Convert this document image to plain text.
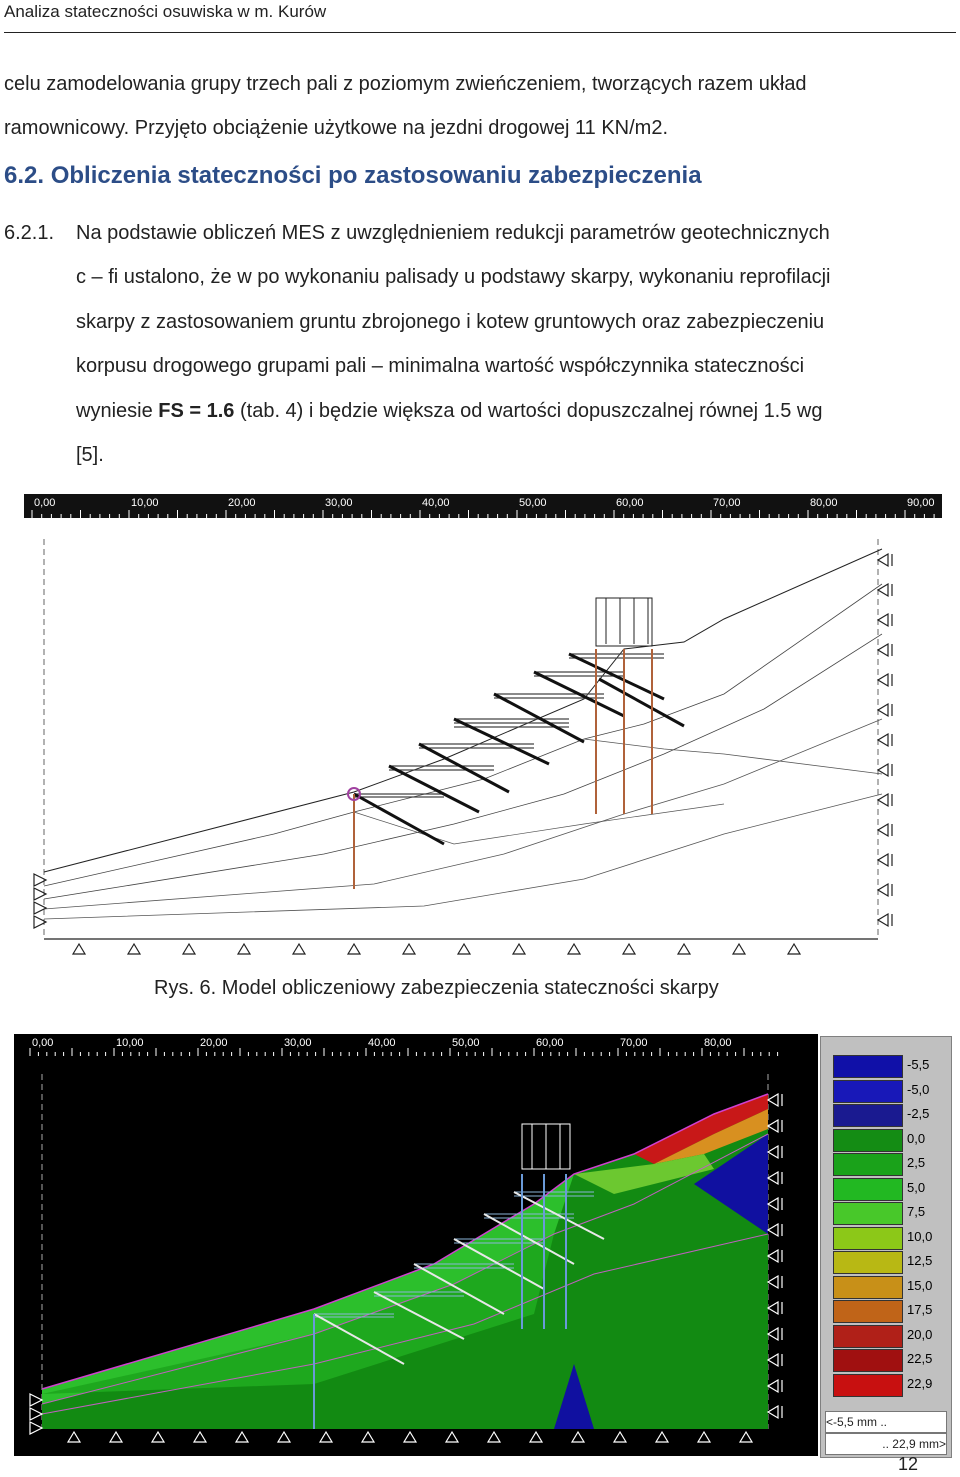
Analiza stateczności osuwiska w m. Kurów
celu zamodelowania grupy trzech pali z poziomym zwieńczeniem, tworzących razem układ
ramownicowy. Przyjęto obciążenie użytkowe na jezdni drogowej 11 KN/m2.
6.2. Obliczenia stateczności po zastosowaniu zabezpieczenia
6.2.1. Na podstawie obliczeń MES z uwzględnieniem redukcji parametrów geotechnicznych
c – fi ustalono, że w po wykonaniu palisady u podstawy skarpy, wykonaniu reprofilacji
skarpy z zastosowaniem gruntu zbrojonego i kotew gruntowych oraz zabezpieczeniu
korpusu drogowego grupami pali – minimalna wartość współczynnika stateczności
wyniesie FS = 1.6 (tab. 4) i będzie większa od wartości dopuszczalnej równej 1.5 wg
[5].
0,00	10,00	20,00	30,00	40,00	50,00	60,00	70,00	80,00	90,00
Rys. 6. Model obliczeniowy zabezpieczenia stateczności skarpy
0,00	10,00	20,00	30,00	40,00	50,00	60,00	70,00	80,00
-5,5
-5,0
-2,5
0,0
2,5
5,0
7,5
10,0
12,5
15,0
17,5
20,0
22,5
22,9
<-5,5 mm ..
.. 22,9 mm>
12
